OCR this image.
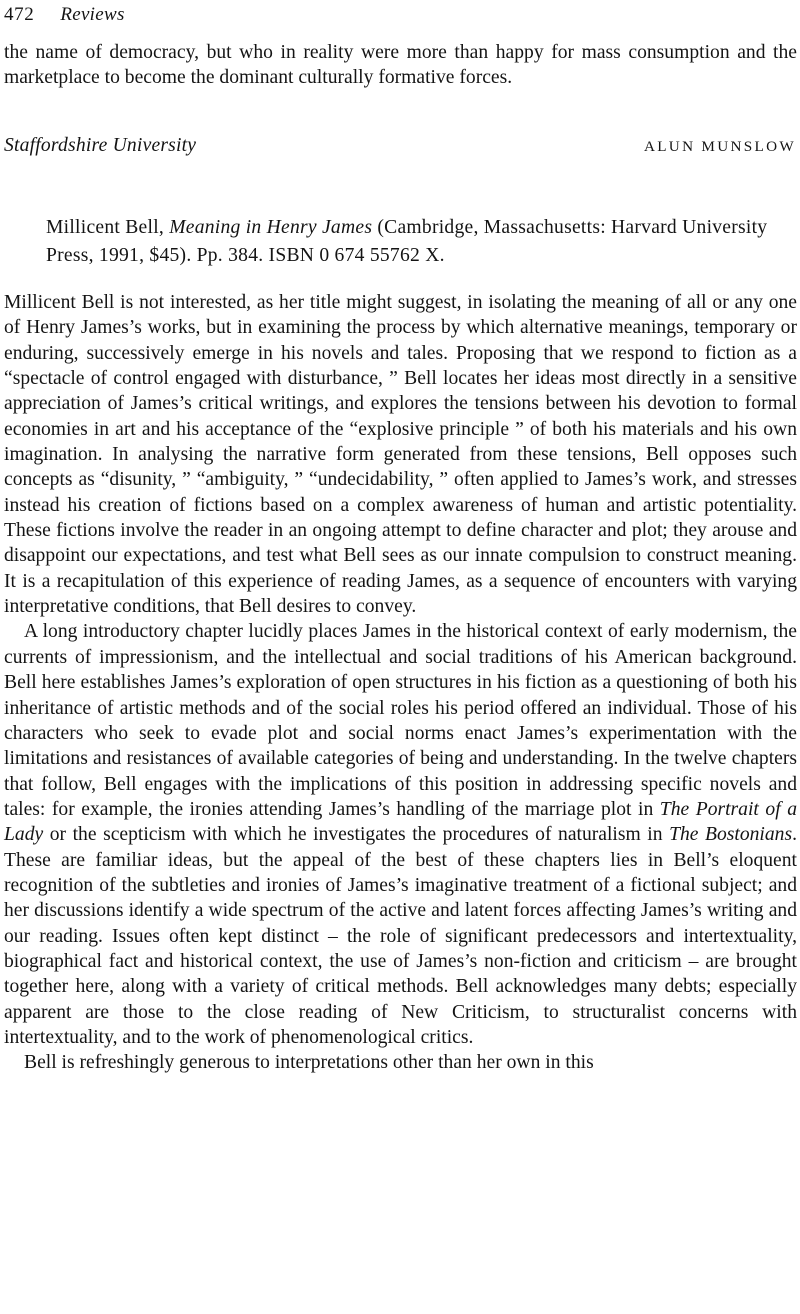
472 Reviews

the name of democracy, but who in reality were more than happy for mass consumption and the marketplace to become the dominant culturally formative forces.

Staffordshire University	ALUN MUNSLOW
Millicent Bell, Meaning in Henry James (Cambridge, Massachusetts: Harvard University Press, 1991, $45). Pp. 384. ISBN 0 674 55762 X.

Millicent Bell is not interested, as her title might suggest, in isolating the meaning of all or any one of Henry James’s works, but in examining the process by which alternative meanings, temporary or enduring, successively emerge in his novels and tales. Proposing that we respond to fiction as a “spectacle of control engaged with disturbance, ” Bell locates her ideas most directly in a sensitive appreciation of James’s critical writings, and explores the tensions between his devotion to formal economies in art and his acceptance of the “explosive principle ” of both his materials and his own imagination. In analysing the narrative form generated from these tensions, Bell opposes such concepts as “disunity, ” “ambiguity, ” “undecidability, ” often applied to James’s work, and stresses instead his creation of fictions based on a complex awareness of human and artistic potentiality. These fictions involve the reader in an ongoing attempt to define character and plot; they arouse and disappoint our expectations, and test what Bell sees as our innate compulsion to construct meaning. It is a recapitulation of this experience of reading James, as a sequence of encounters with varying interpretative conditions, that Bell desires to convey.

A long introductory chapter lucidly places James in the historical context of early modernism, the currents of impressionism, and the intellectual and social traditions of his American background. Bell here establishes James’s exploration of open structures in his fiction as a questioning of both his inheritance of artistic methods and of the social roles his period offered an individual. Those of his characters who seek to evade plot and social norms enact James’s experimentation with the limitations and resistances of available categories of being and understanding. In the twelve chapters that follow, Bell engages with the implications of this position in addressing specific novels and tales: for example, the ironies attending James’s handling of the marriage plot in The Portrait of a Lady or the scepticism with which he investigates the procedures of naturalism in The Bostonians. These are familiar ideas, but the appeal of the best of these chapters lies in Bell’s eloquent recognition of the subtleties and ironies of James’s imaginative treatment of a fictional subject; and her discussions identify a wide spectrum of the active and latent forces affecting James’s writing and our reading. Issues often kept distinct – the role of significant predecessors and intertextuality, biographical fact and historical context, the use of James’s non-fiction and criticism – are brought together here, along with a variety of critical methods. Bell acknowledges many debts; especially apparent are those to the close reading of New Criticism, to structuralist concerns with intertextuality, and to the work of phenomenological critics.

Bell is refreshingly generous to interpretations other than her own in this
